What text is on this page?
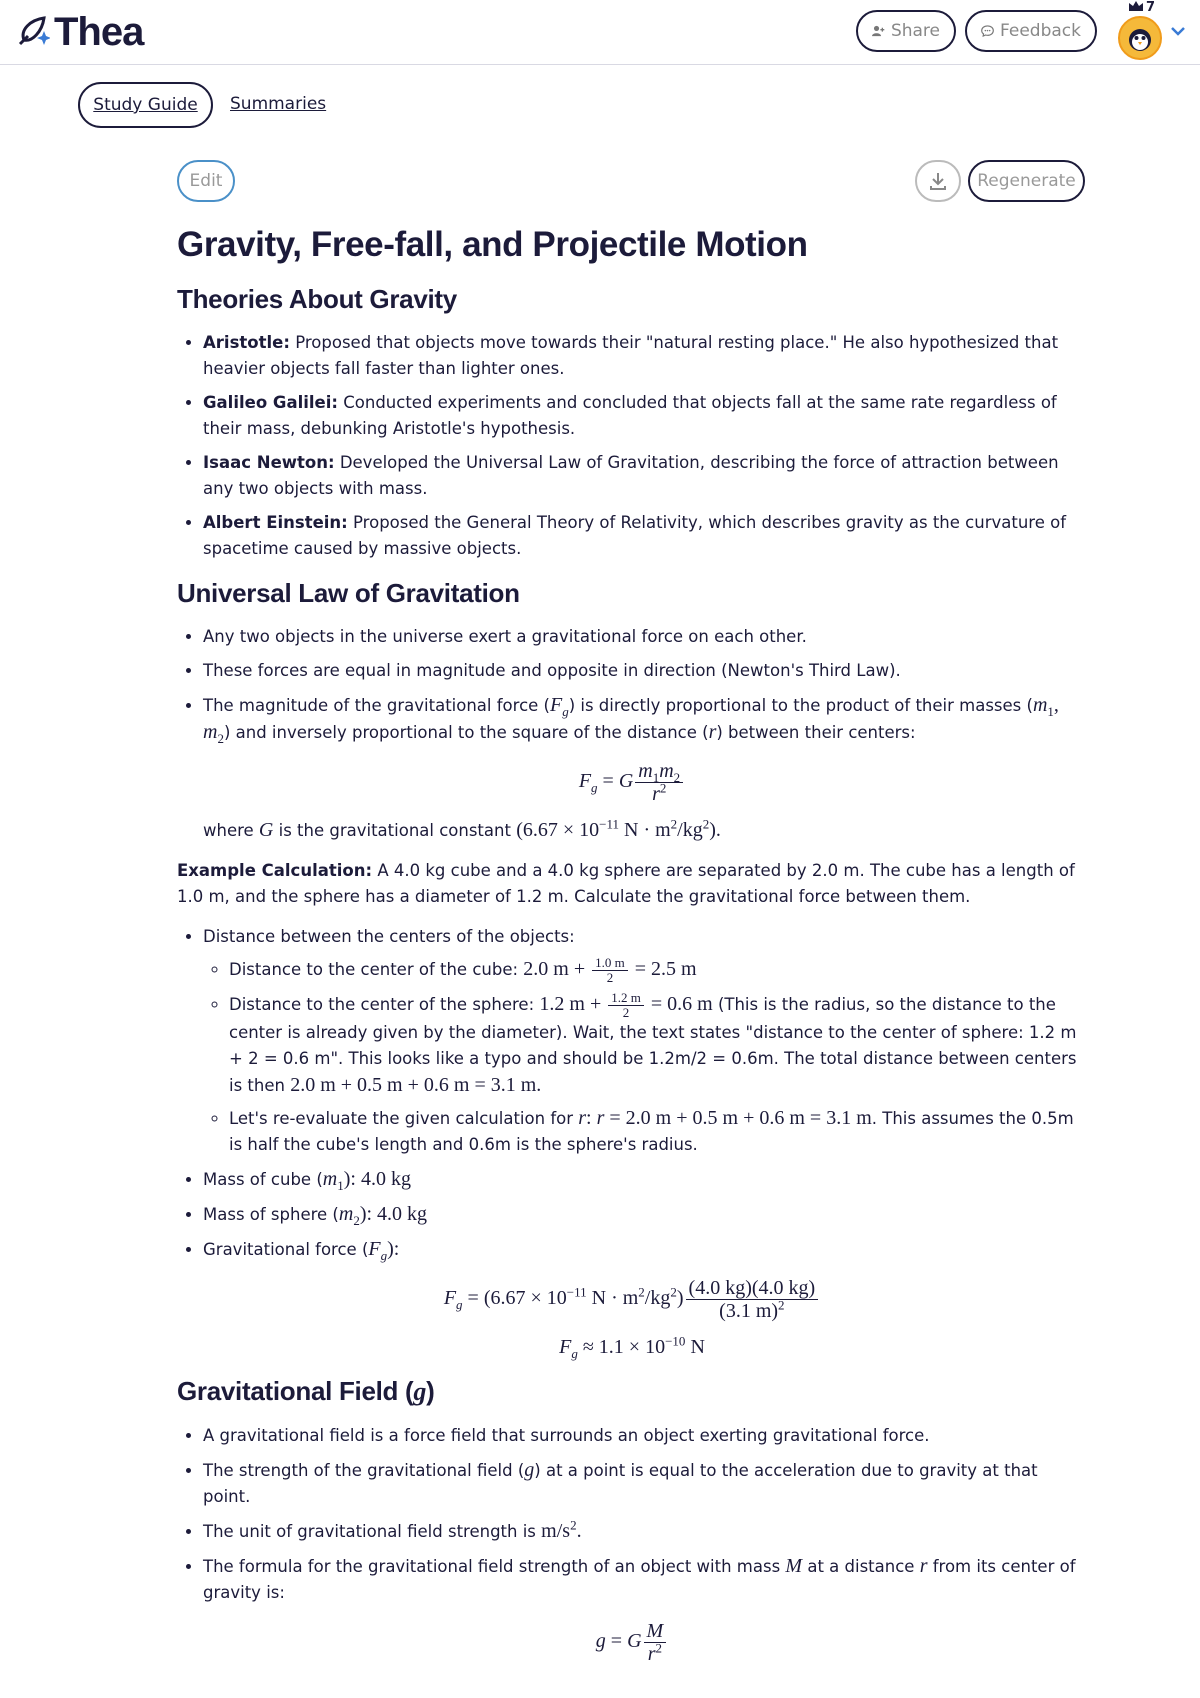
Thea	Share	Feedback
7
Study Guide	Summaries
Edit	Regenerate
Gravity, Free-fall, and Projectile Motion
Theories About Gravity
• Aristotle: Proposed that objects move towards their "natural resting place." He also hypothesized that heavier objects fall faster than lighter ones.
• Galileo Galilei: Conducted experiments and concluded that objects fall at the same rate regardless of their mass, debunking Aristotle's hypothesis.
• Isaac Newton: Developed the Universal Law of Gravitation, describing the force of attraction between any two objects with mass.
• Albert Einstein: Proposed the General Theory of Relativity, which describes gravity as the curvature of spacetime caused by massive objects.
Universal Law of Gravitation
• Any two objects in the universe exert a gravitational force on each other.
• These forces are equal in magnitude and opposite in direction (Newton's Third Law).
• The magnitude of the gravitational force $(F_g)$ is directly proportional to the product of their masses ($m_1$, $m_2$) and inversely proportional to the square of the distance (r) between their centers:
$F_g = G \frac{m_1m_2}{r^2}$
where G is the gravitational constant ($6.67 \times 10^{-11}$ $N \cdot m^2/kg^2$).

Example Calculation: A 4.0 kg cube and a 4.0 kg sphere are separated by 2.0 m. The cube has a length of 1.0 m, and the sphere has a diameter of 1.2 m. Calculate the gravitational force between them.

• Distance between the centers of the objects:
◦ Distance to the center of the cube: 2.0 $m + \frac{1.0 m}{2} = 2.5$ m
◦ Distance to the center of the sphere: 1.2 $m + \frac{1.2 m}{2} = 0.6$ m (This is the radius, so the distance to the center is already given by the diameter). Wait, the text states "distance to the center of sphere: 1.2 m + 2 = 0.6 m". This looks like a typo and should be 1.2m/2 = 0.6m. The total distance between centers is then 2.0 m + 0.5 m + 0.6 m = 3.1 m.
◦ Let's re-evaluate the given calculation for r: r = 2.0 m + 0.5 m + 0.6 m = 3.1 m. This assumes the 0.5m is half the cube's length and 0.6m is the sphere's radius.
• Mass of cube $(m_1)$: 4.0 kg
• Mass of sphere $(m_2)$: 4.0 kg
• Gravitational force $(F_g)$:
$F_g = (6.67 \times 10^{-11}$ $N \cdot m^2/kg^2) \frac{(4.0 kg)(4.0 kg)}{(3.1 m)^2}$
$F_g \approx 1.1 \times 10^{-10}$ N
Gravitational Field (g)
• A gravitational field is a force field that surrounds an object exerting gravitational force.
• The strength of the gravitational field (g) at a point is equal to the acceleration due to gravity at that point.
• The unit of gravitational field strength is $m/s^2$.
• The formula for the gravitational field strength of an object with mass M at a distance r from its center of gravity is:
g = G $\frac{M}{r^2}$
